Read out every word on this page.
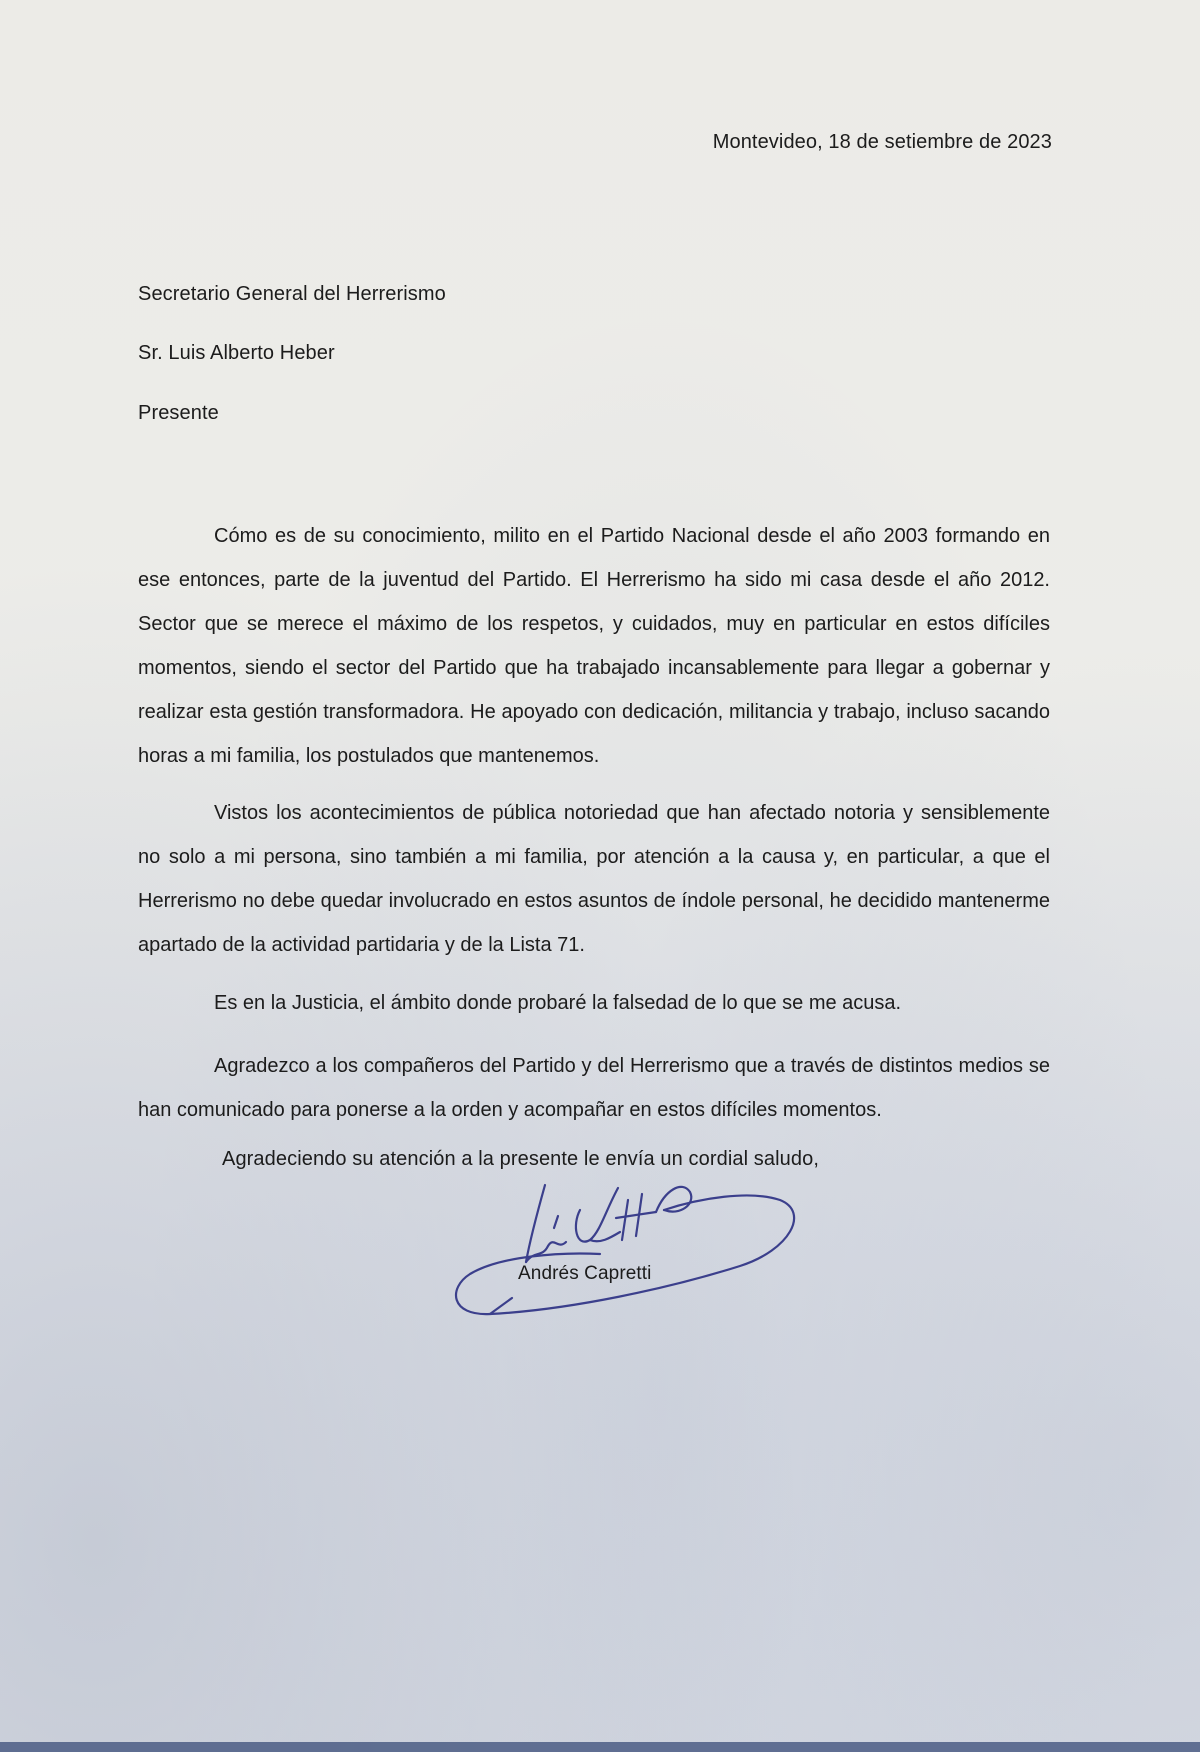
Montevideo, 18 de setiembre de 2023
Secretario General del Herrerismo
Sr. Luis Alberto Heber
Presente
Cómo es de su conocimiento, milito en el Partido Nacional desde el año 2003 formando en ese entonces, parte de la juventud del Partido. El Herrerismo ha sido mi casa desde el año 2012. Sector que se merece el máximo de los respetos, y cuidados, muy en particular en estos difíciles momentos, siendo el sector del Partido que ha trabajado incansablemente para llegar a gobernar y realizar esta gestión transformadora. He apoyado con dedicación, militancia y trabajo, incluso sacando horas a mi familia, los postulados que mantenemos.
Vistos los acontecimientos de pública notoriedad que han afectado notoria y sensiblemente no solo a mi persona, sino también a mi familia, por atención a la causa y, en particular, a que el Herrerismo no debe quedar involucrado en estos asuntos de índole personal, he decidido mantenerme apartado de la actividad partidaria y de la Lista 71.
Es en la Justicia, el ámbito donde probaré la falsedad de lo que se me acusa.
Agradezco a los compañeros del Partido y del Herrerismo que a través de distintos medios se han comunicado para ponerse a la orden y acompañar en estos difíciles momentos.
Agradeciendo su atención a la presente le envía un cordial saludo,
Andrés Capretti
